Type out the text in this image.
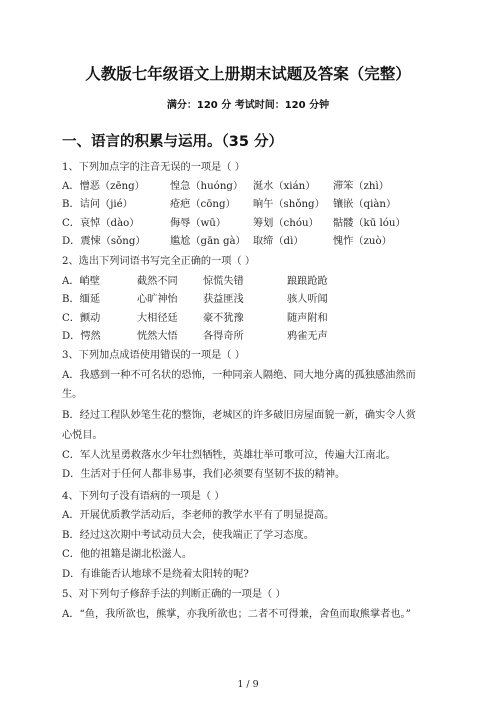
人教版七年级语文上册期末试题及答案（完整）
满分：120 分 考试时间：120 分钟
一、语言的积累与运用。（35 分）
1、下列加点字的注音无误的一项是（ ）
A．憎恶（zēng） 惶急（huóng） 涎水（xián） 滞笨（zhì）
B．诘问（jié）	疮疤（cōng） 晌午（shǒng） 镶嵌（qiàn）
C．哀悼（dào）	侮辱（wū）	筹划（chóu） 骷髅（kū lóu）
D．震悚（sǒng） 尴尬（gān gà） 取缔（dì）	愧怍（zuò）
2、选出下列词语书写完全正确的一项（ ）
A．峭壁	截然不同 惊慌失错	踉踉跄跄
B．缅延	心旷神怡 获益匪浅	骇人听闻
C．颤动	大相径廷 豪不犹豫	随声附和
D．愕然	恍然大悟 各得奇所	鸦雀无声
3、下列加点成语使用错误的一项是（ ）
A．我感到一种不可名状的恐怖，一种同亲人隔绝、同大地分离的孤独感油然而
生。
B．经过工程队妙笔生花的整饰，老城区的许多破旧房屋面貌一新，确实令人赏
心悦目。
C．军人沈星勇救落水少年壮烈牺牲，英雄壮举可歌可泣，传遍大江南北。
D．生活对于任何人都非易事，我们必须要有坚韧不拔的精神。
4、下列句子没有语病的一项是（ ）
A．开展优质教学活动后，李老师的教学水平有了明显提高。
B．经过这次期中考试动员大会，使我端正了学习态度。
C．他的祖籍是湖北松滋人。
D．有谁能否认地球不是绕着太阳转的呢?
5、对下列句子修辞手法的判断正确的一项是（ ）
A．“鱼，我所欲也，熊掌，亦我所欲也；二者不可得兼，舍鱼而取熊掌者也。”
1 / 9
